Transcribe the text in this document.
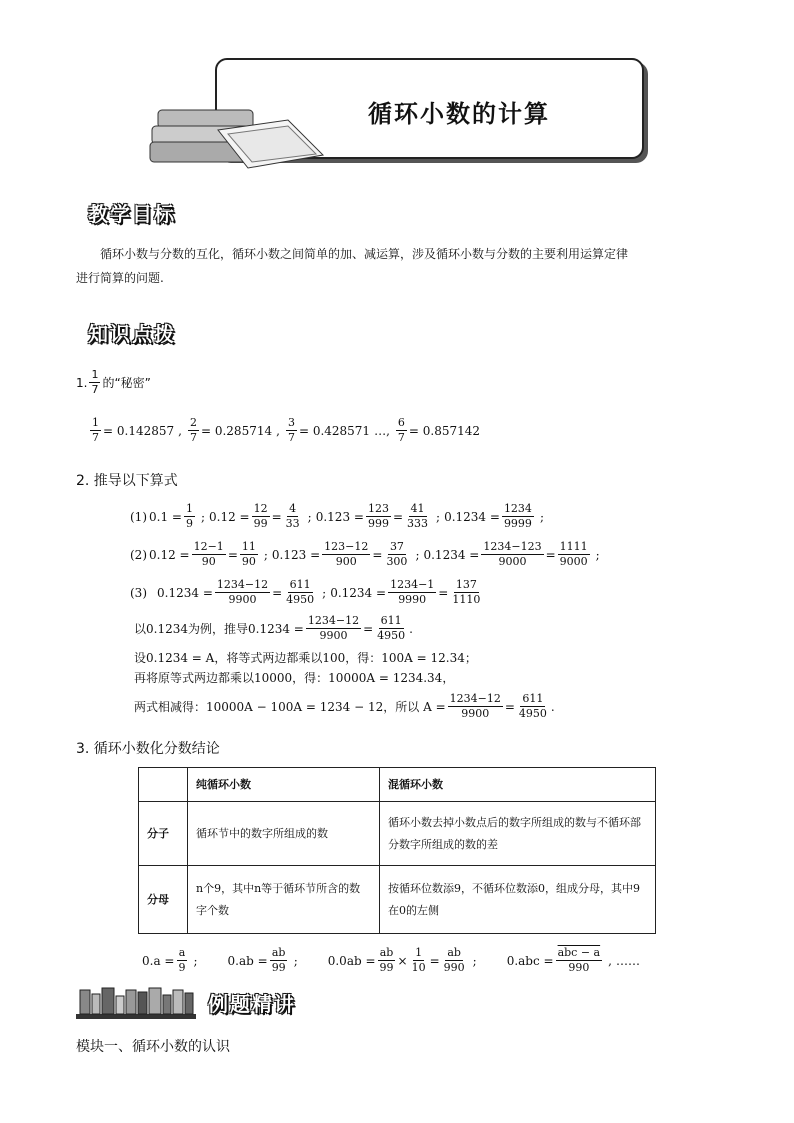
循环小数的计算
教学目标
循环小数与分数的互化，循环小数之间简单的加、减运算，涉及循环小数与分数的主要利用运算定律
进行简算的问题.
知识点拨
1. $\frac{1}{7}$ 的“秘密”
$\frac{1}{7} = 0.142857$ , $\frac{2}{7} = 0.285714$ , $\frac{3}{7} = 0.428571$ …, $\frac{6}{7} = 0.857142$
2. 推导以下算式
(1) $0.1 = \frac{1}{9}$ ; $0.12 = \frac{12}{99} = \frac{4}{33}$ ; $0.123 = \frac{123}{999} = \frac{41}{333}$ ; $0.1234 = \frac{1234}{9999}$ ;
(2) $0.12 = \frac{12-1}{90} = \frac{11}{90}$ ; $0.123 = \frac{123-12}{900} = \frac{37}{300}$ ; $0.1234 = \frac{1234-123}{9000} = \frac{1111}{9000}$ ;
(3) $0.1234 = \frac{1234-12}{9900} = \frac{611}{4950}$ ; $0.1234 = \frac{1234-1}{9990} = \frac{137}{1110}$
以0.1234为例，推导$0.1234 = \frac{1234-12}{9900} = \frac{611}{4950}$ .
设0.1234 = A，将等式两边都乘以100，得：100A = 12.34；
再将原等式两边都乘以10000，得：10000A = 1234.34，
两式相减得：10000A − 100A = 1234 − 12，所以 $A = \frac{1234-12}{9900} = \frac{611}{4950}$ .
3. 循环小数化分数结论
	纯循环小数	混循环小数
分子	循环节中的数字所组成的数	循环小数去掉小数点后的数字所组成的数与不循环部分数字所组成的数的差
分母	n个9，其中n等于循环节所含的数字个数	按循环位数添9，不循环位数添0，组成分母，其中9在0的左侧
$0.a = \frac{a}{9}$ ;	$0.ab = \frac{ab}{99}$ ;	$0.0ab = \frac{ab}{99} \times \frac{1}{10} = \frac{ab}{990}$ ;	$0.abc = \frac{\text{abc − a}}{990}$ , ……
例题精讲
模块一、循环小数的认识
